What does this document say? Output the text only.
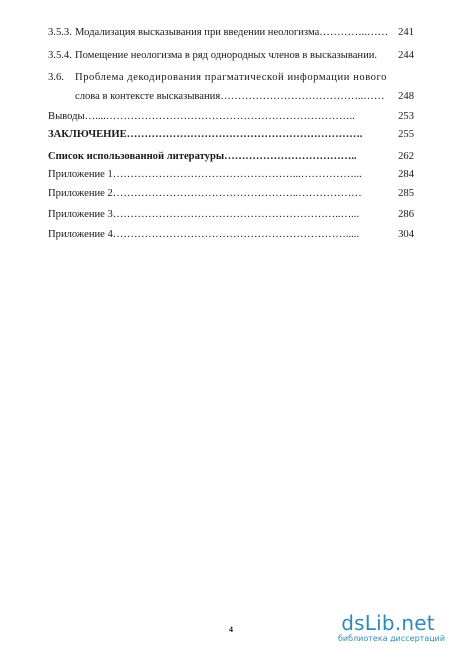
3.5.3. Модализация высказывания при введении неологизма…………..…… 241
3.5.4. Помещение неологизма в ряд однородных членов в высказывании. 244
3.6. Проблема декодирования прагматической информации нового
слова в контексте высказывания…………………………………..…… 248
Выводы…....……………………………………………………………..	253
ЗАКЛЮЧЕНИЕ………………………………………………………….	255
Список использованной литературы………………………………..	262
Приложение 1……………………………………………...……………...	284
Приложение 2……………………………………………..………………	285
Приложение 3………………………………………………………..…...	286
Приложение 4………………………………………………………….....	304
4	dsLib.net
библиотека диссертаций
